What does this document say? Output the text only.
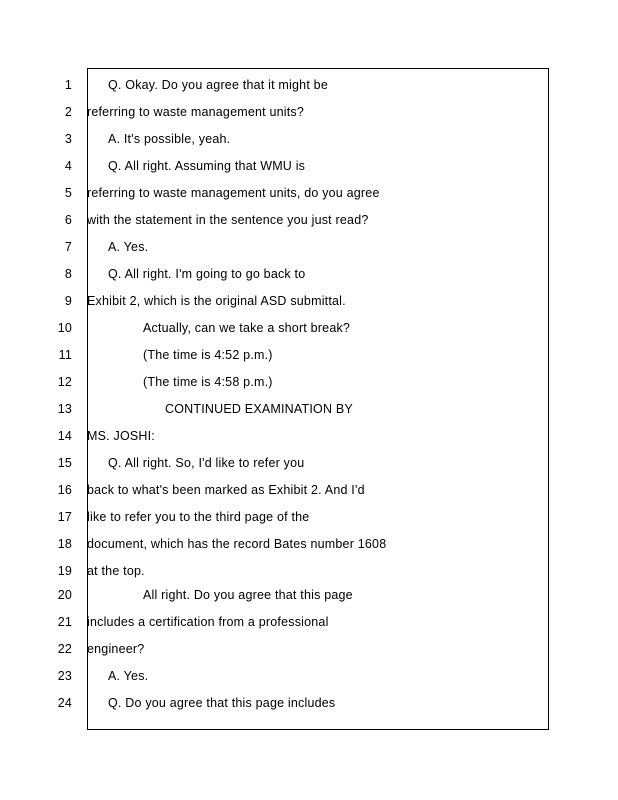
1	Q. Okay. Do you agree that it might be
2 referring to waste management units?
3	A. It's possible, yeah.
4	Q. All right. Assuming that WMU is
5 referring to waste management units, do you agree
6 with the statement in the sentence you just read?
7	A. Yes.
8	Q. All right. I'm going to go back to
9 Exhibit 2, which is the original ASD submittal.
10	Actually, can we take a short break?
11	(The time is 4:52 p.m.)
12	(The time is 4:58 p.m.)
13	CONTINUED EXAMINATION BY
14 MS. JOSHI:
15	Q. All right. So, I'd like to refer you
16 back to what's been marked as Exhibit 2. And I'd
17 like to refer you to the third page of the
18 document, which has the record Bates number 1608
19 at the top.
20	All right. Do you agree that this page
21 includes a certification from a professional
22 engineer?
23	A. Yes.
24	Q. Do you agree that this page includes
